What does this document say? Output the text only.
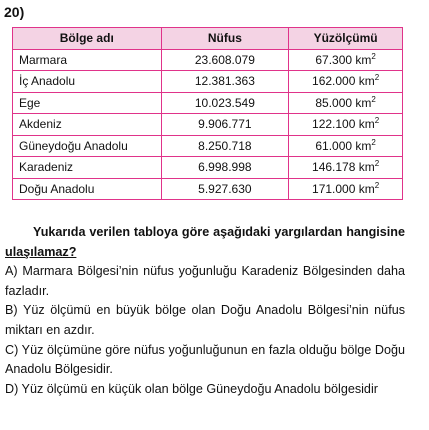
20)
Bölge adı	Nüfus	Yüzölçümü
Marmara	23.608.079	67.300 $km^2$
İç Anadolu	12.381.363	162.000 $km^2$
Ege	10.023.549	85.000 $km^2$
Akdeniz	9.906.771	122.100 $km^2$
Güneydoğu Anadolu	8.250.718	61.000 $km^2$
Karadeniz	6.998.998	146.178 $km^2$
Doğu Anadolu	5.927.630	171.000 $km^2$
Yukarıda verilen tabloya göre aşağıdaki yargılardan hangisine ulaşılamaz?
A) Marmara Bölgesi’nin nüfus yoğunluğu Karadeniz Bölgesinden daha fazladır.
B) Yüz ölçümü en büyük bölge olan Doğu Anadolu Bölgesi’nin nüfus miktarı en azdır.
C) Yüz ölçümüne göre nüfus yoğunluğunun en fazla olduğu bölge Doğu Anadolu Bölgesidir.
D) Yüz ölçümü en küçük olan bölge Güneydoğu Anadolu bölgesidir
